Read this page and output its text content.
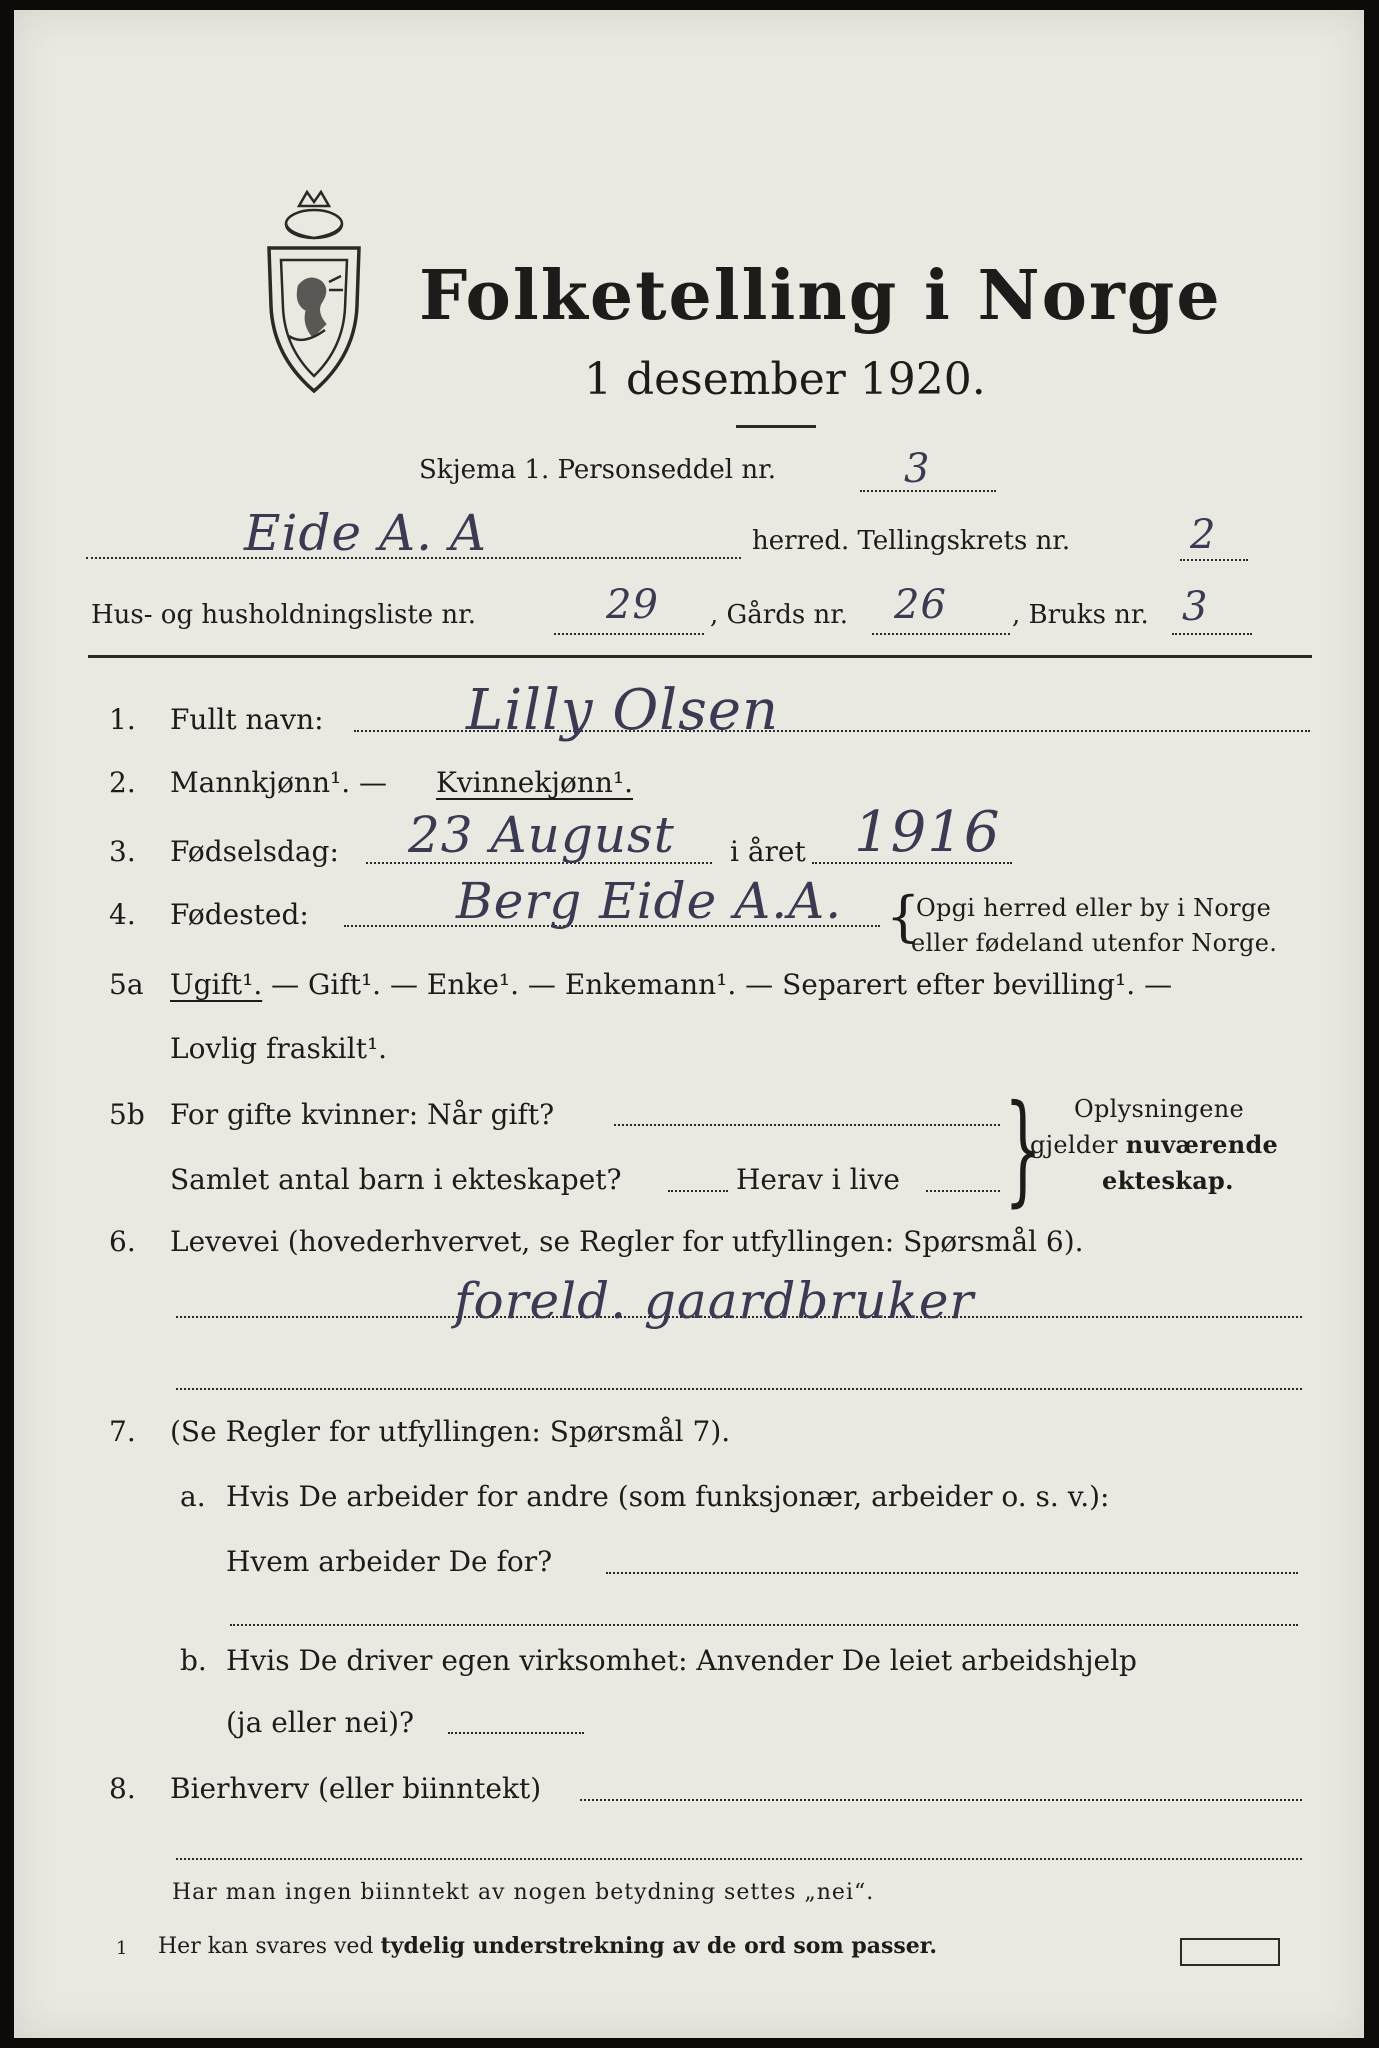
Folketelling i Norge
1 desember 1920.
Skjema 1. Personseddel nr.	3
Eide A. A	herred. Tellingskrets nr.	2
Hus- og husholdningsliste nr.	29 , Gårds nr. 26	, Bruks nr. 3
1. Fullt navn:	Lilly Olsen
2. Mannkjønn¹. — Kvinnekjønn¹.
3. Fødselsdag: 23 August i året 1916
4. Fødested:	Berg Eide A.A. {
Opgi herred eller by i Norge
eller fødeland utenfor Norge.
5a Ugift¹. — Gift¹. — Enke¹. — Enkemann¹. — Separert efter bevilling¹. —
Lovlig fraskilt¹.
5b For gifte kvinner: Når gift?
Samlet antal barn i ekteskapet?	Herav i live } Oplysningene
gjelder nuværende
ekteskap.
6. Levevei (hovederhvervet, se Regler for utfyllingen: Spørsmål 6).
foreld. gaardbruker
7. (Se Regler for utfyllingen: Spørsmål 7).
a. Hvis De arbeider for andre (som funksjonær, arbeider o. s. v.):
Hvem arbeider De for?
b. Hvis De driver egen virksomhet: Anvender De leiet arbeidshjelp
(ja eller nei)?
8. Bierhverv (eller biinntekt)
Har man ingen biinntekt av nogen betydning settes „nei“.
1 Her kan svares ved tydelig understrekning av de ord som passer.
